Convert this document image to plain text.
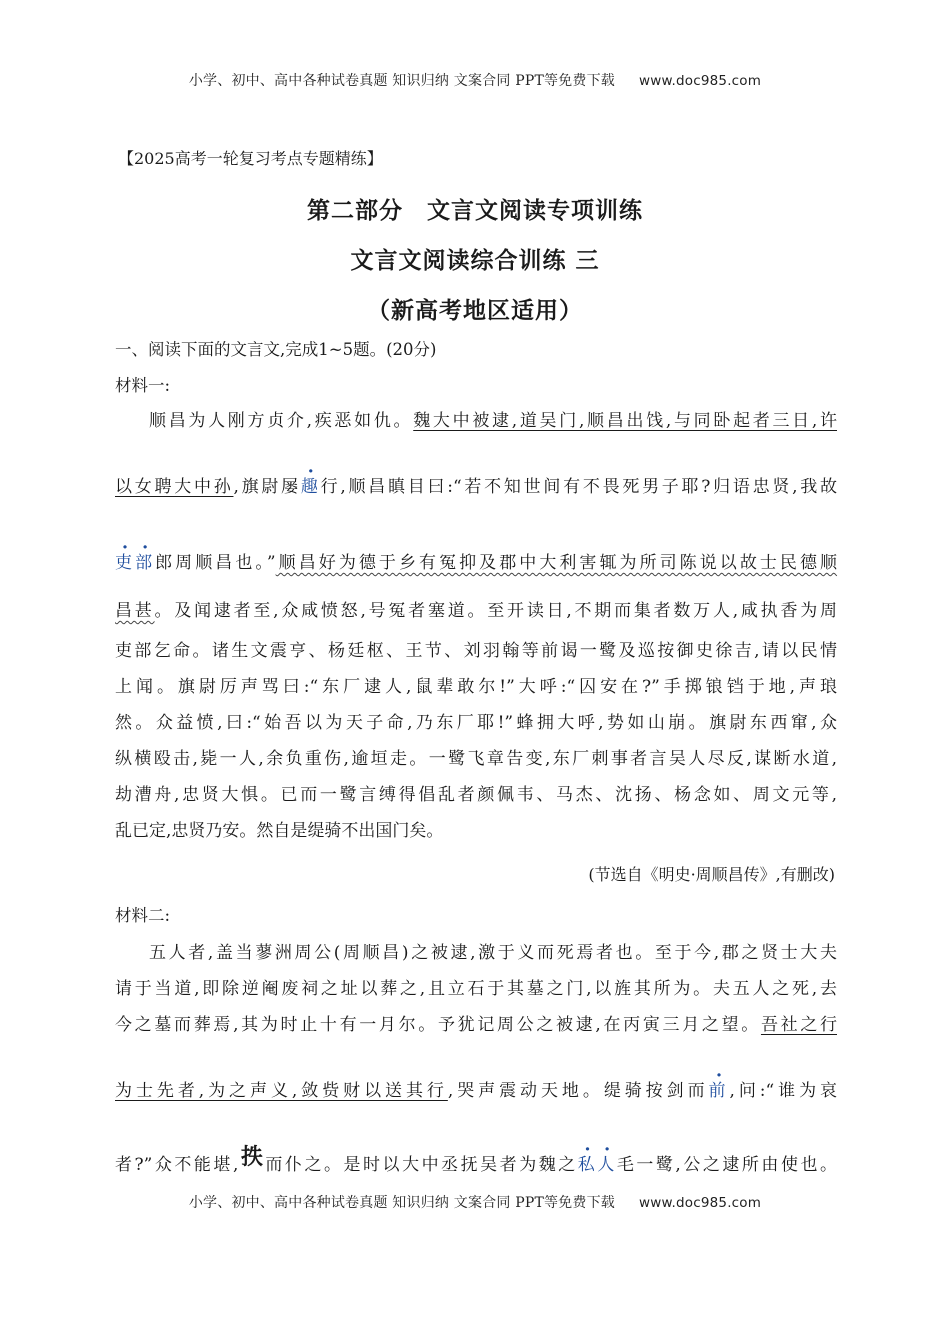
小学、初中、高中各种试卷真题 知识归纳 文案合同 PPT等免费下载 www.doc985.com
【2025高考一轮复习考点专题精练】
第二部分 文言文阅读专项训练
文言文阅读综合训练 三
（新高考地区适用）
一、阅读下面的文言文,完成1~5题。(20分)
材料一:
顺昌为人刚方贞介,疾恶如仇。魏大中被逮,道吴门,顺昌出饯,与同卧起者三日,许
以女聘大中孙,旗尉屡趣行,顺昌瞋目曰:“若不知世间有不畏死男子耶?归语忠贤,我故
吏部郎周顺昌也。”顺昌好为德于乡有冤抑及郡中大利害辄为所司陈说以故士民德顺
昌甚。及闻逮者至,众咸愤怒,号冤者塞道。至开读日,不期而集者数万人,咸执香为周
吏部乞命。诸生文震亨、杨廷枢、王节、刘羽翰等前谒一鹭及巡按御史徐吉,请以民情
上闻。旗尉厉声骂曰:“东厂逮人,鼠辈敢尔!”大呼:“囚安在?”手掷锒铛于地,声琅
然。众益愤,曰:“始吾以为天子命,乃东厂耶!”蜂拥大呼,势如山崩。旗尉东西窜,众
纵横殴击,毙一人,余负重伤,逾垣走。一鹭飞章告变,东厂刺事者言吴人尽反,谋断水道,
劫漕舟,忠贤大惧。已而一鹭言缚得倡乱者颜佩韦、马杰、沈扬、杨念如、周文元等,
乱已定,忠贤乃安。然自是缇骑不出国门矣。
(节选自《明史·周顺昌传》,有删改)
材料二:
五人者,盖当蓼洲周公(周顺昌)之被逮,激于义而死焉者也。至于今,郡之贤士大夫
请于当道,即除逆阉废祠之址以葬之,且立石于其墓之门,以旌其所为。夫五人之死,去
今之墓而葬焉,其为时止十有一月尔。予犹记周公之被逮,在丙寅三月之望。吾社之行
为士先者,为之声义,敛赀财以送其行,哭声震动天地。缇骑按剑而前,问:“谁为哀
者?”众不能堪,抶而仆之。是时以大中丞抚吴者为魏之私人毛一鹭,公之逮所由使也。
小学、初中、高中各种试卷真题 知识归纳 文案合同 PPT等免费下载 www.doc985.com
